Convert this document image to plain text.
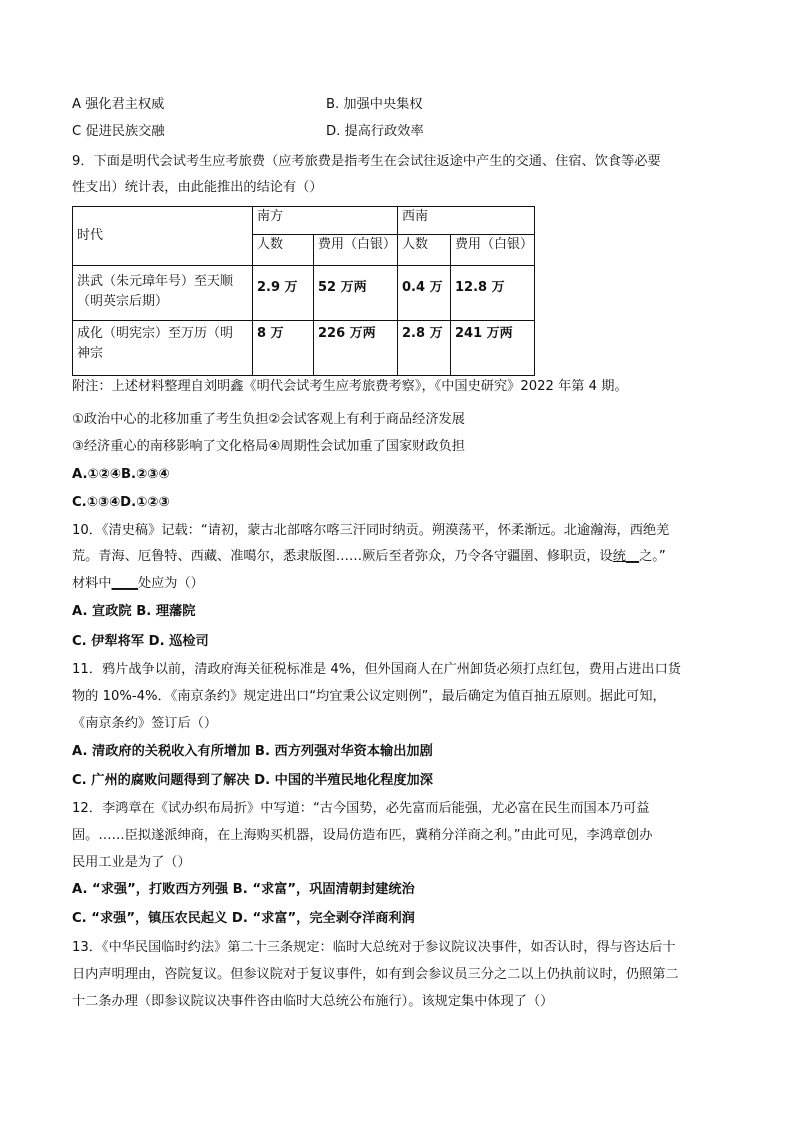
A 强化君主权威	B. 加强中央集权
C 促进民族交融	D. 提高行政效率
9．下面是明代会试考生应考旅费（应考旅费是指考生在会试往返途中产生的交通、住宿、饮食等必要
性支出）统计表，由此能推出的结论有（）
时代	南方		西南	
	人数	费用（白银）	人数	费用（白银）

洪武（朱元璋年号）至天顺
（明英宗后期）	2.9 万	52 万两	0.4 万	12.8 万

成化（明宪宗）至万历（明
神宗	8 万	226 万两	2.8 万	241 万两
附注：上述材料整理自刘明鑫《明代会试考生应考旅费考察》，《中国史研究》2022 年第 4 期。
①政治中心的北移加重了考生负担②会试客观上有利于商品经济发展
③经济重心的南移影响了文化格局④周期性会试加重了国家财政负担
A.①②④B.②③④
C.①③④D.①②③
10．《清史稿》记载：“请初，蒙古北部喀尔喀三汗同时纳贡。朔漠荡平，怀柔渐远。北逾瀚海，西绝羌
荒。青海、厄鲁特、西藏、准噶尔，悉隶版图……厥后至者弥众，乃令各守疆圉、修职贡，设统__之。”
材料中____处应为（）
A. 宣政院 B. 理藩院
C. 伊犁将军 D. 巡检司
11．鸦片战争以前，清政府海关征税标准是 4%，但外国商人在广州卸货必须打点红包，费用占进出口货
物的 10%-4%．《南京条约》规定进出口“均宜秉公议定则例”，最后确定为值百抽五原则。据此可知，
《南京条约》签订后（）
A. 清政府的关税收入有所增加 B. 西方列强对华资本输出加剧
C. 广州的腐败问题得到了解决 D. 中国的半殖民地化程度加深
12．李鸿章在《试办织布局折》中写道：“古今国势，必先富而后能强，尤必富在民生而国本乃可益
固。……臣拟遂派绅商，在上海购买机器，设局仿造布匹，冀稍分洋商之利。”由此可见，李鸿章创办
民用工业是为了（）
A. “求强”，打败西方列强 B. “求富”，巩固清朝封建统治
C. “求强”，镇压农民起义 D. “求富”，完全剥夺洋商利润
13．《中华民国临时约法》第二十三条规定：临时大总统对于参议院议决事件，如否认时，得与咨达后十
日内声明理由，咨院复议。但参议院对于复议事件，如有到会参议员三分之二以上仍执前议时，仍照第二
十二条办理（即参议院议决事件咨由临时大总统公布施行）。该规定集中体现了（）
